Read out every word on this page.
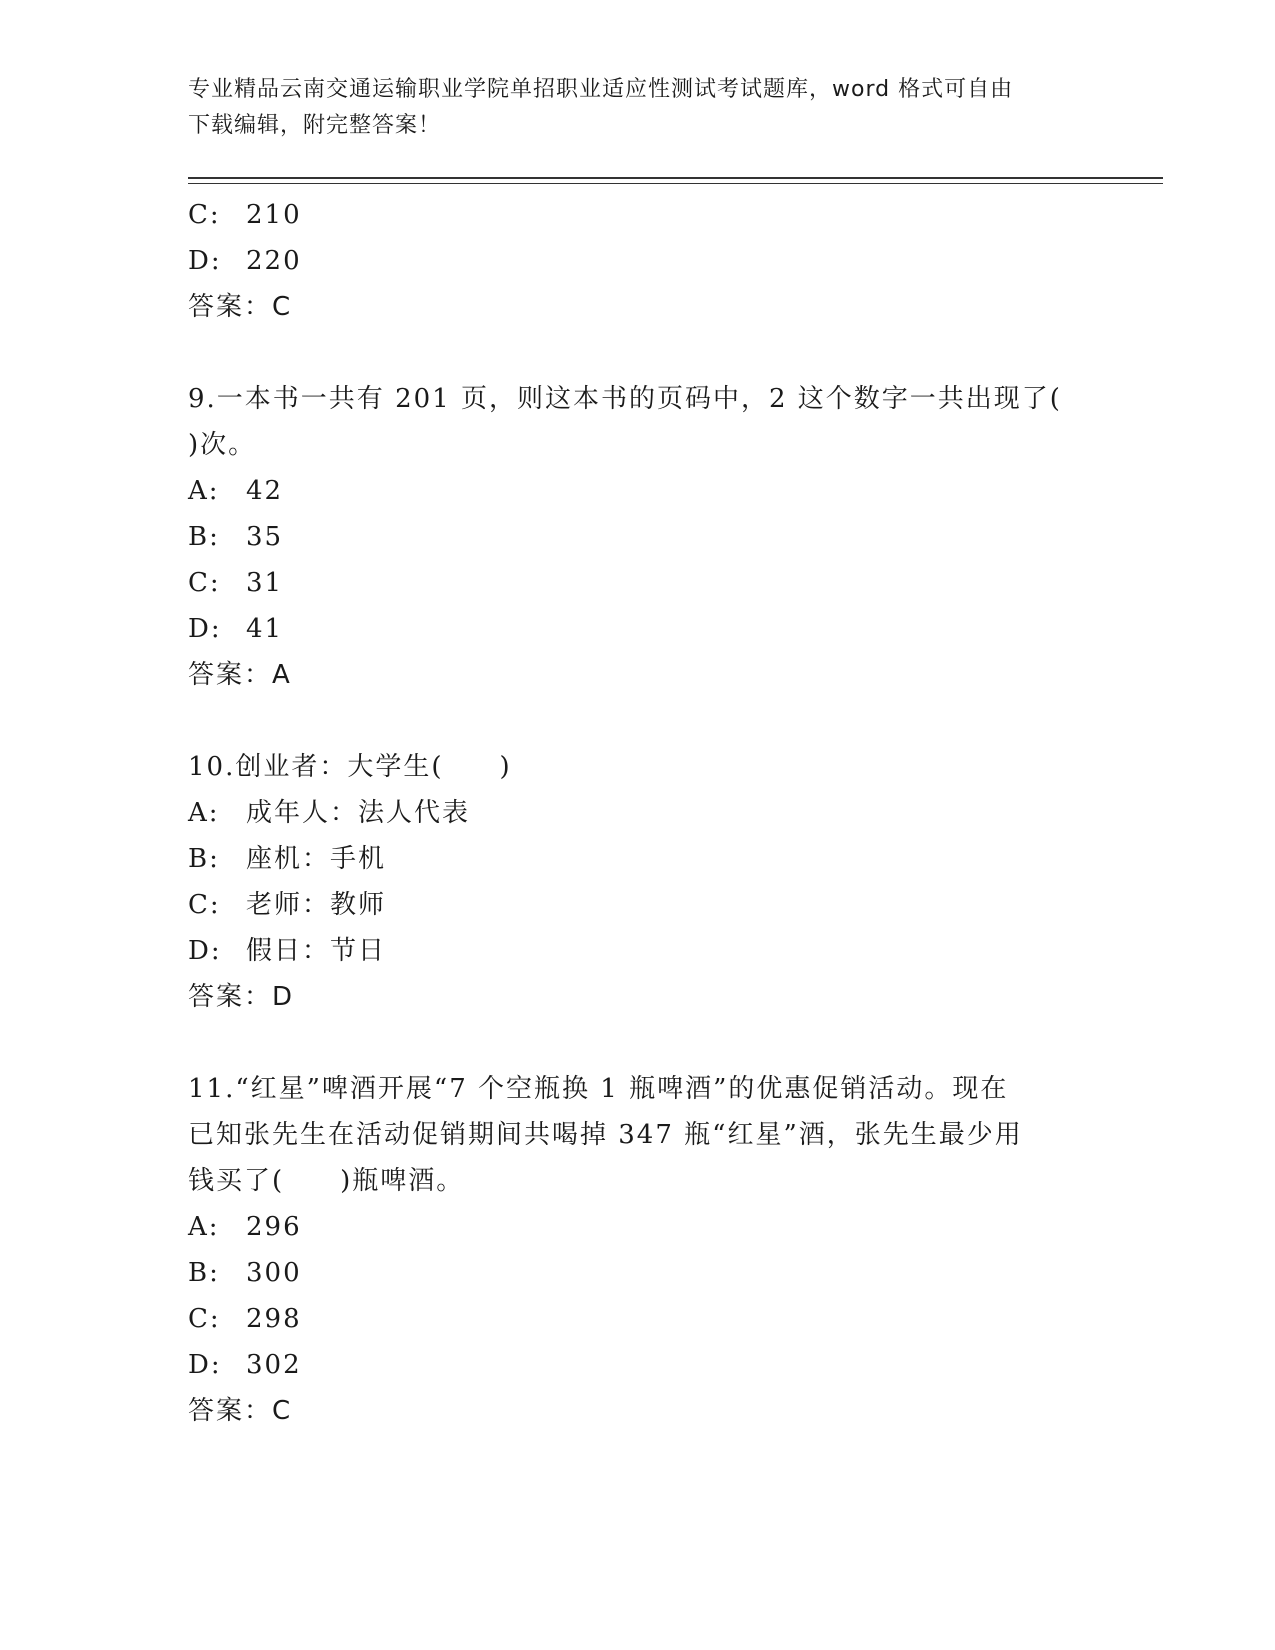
专业精品云南交通运输职业学院单招职业适应性测试考试题库，word 格式可自由
下载编辑，附完整答案！
C: 210
D: 220
答案：C
9.一本书一共有 201 页，则这本书的页码中，2 这个数字一共出现了(
)次。
A: 42
B: 35
C: 31
D: 41
答案：A
10.创业者：大学生(　　)
A: 成年人：法人代表
B: 座机：手机
C: 老师：教师
D: 假日：节日
答案：D
11.“红星”啤酒开展“7 个空瓶换 1 瓶啤酒”的优惠促销活动。现在
已知张先生在活动促销期间共喝掉 347 瓶“红星”酒，张先生最少用
钱买了(　　)瓶啤酒。
A: 296
B: 300
C: 298
D: 302
答案：C
